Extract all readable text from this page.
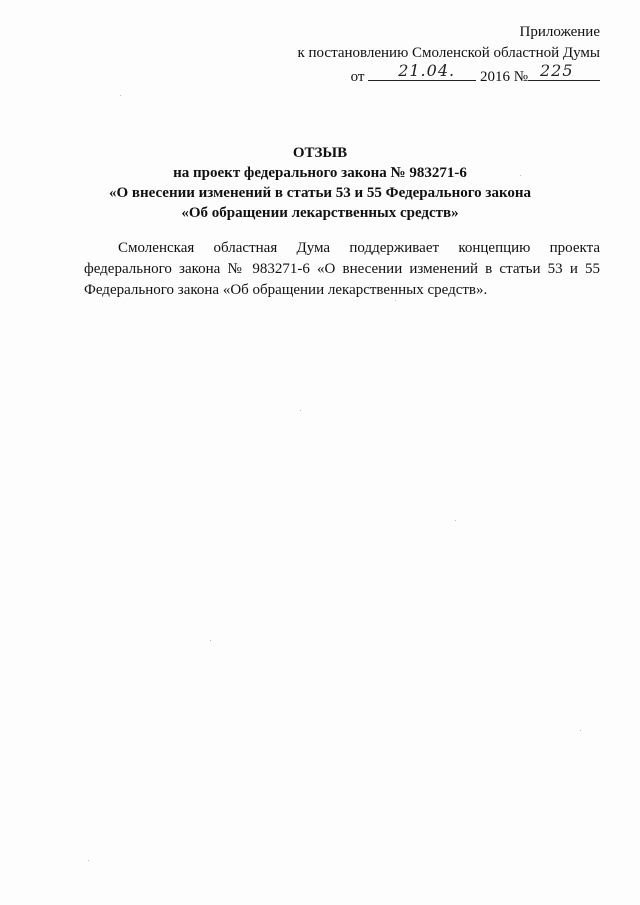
Приложение
к постановлению Смоленской областной Думы
от 21.04. 2016 № 225
ОТЗЫВ
на проект федерального закона № 983271-6
«О внесении изменений в статьи 53 и 55 Федерального закона
«Об обращении лекарственных средств»
Смоленская областная Дума поддерживает концепцию проекта федерального закона № 983271-6 «О внесении изменений в статьи 53 и 55 Федерального закона «Об обращении лекарственных средств».
